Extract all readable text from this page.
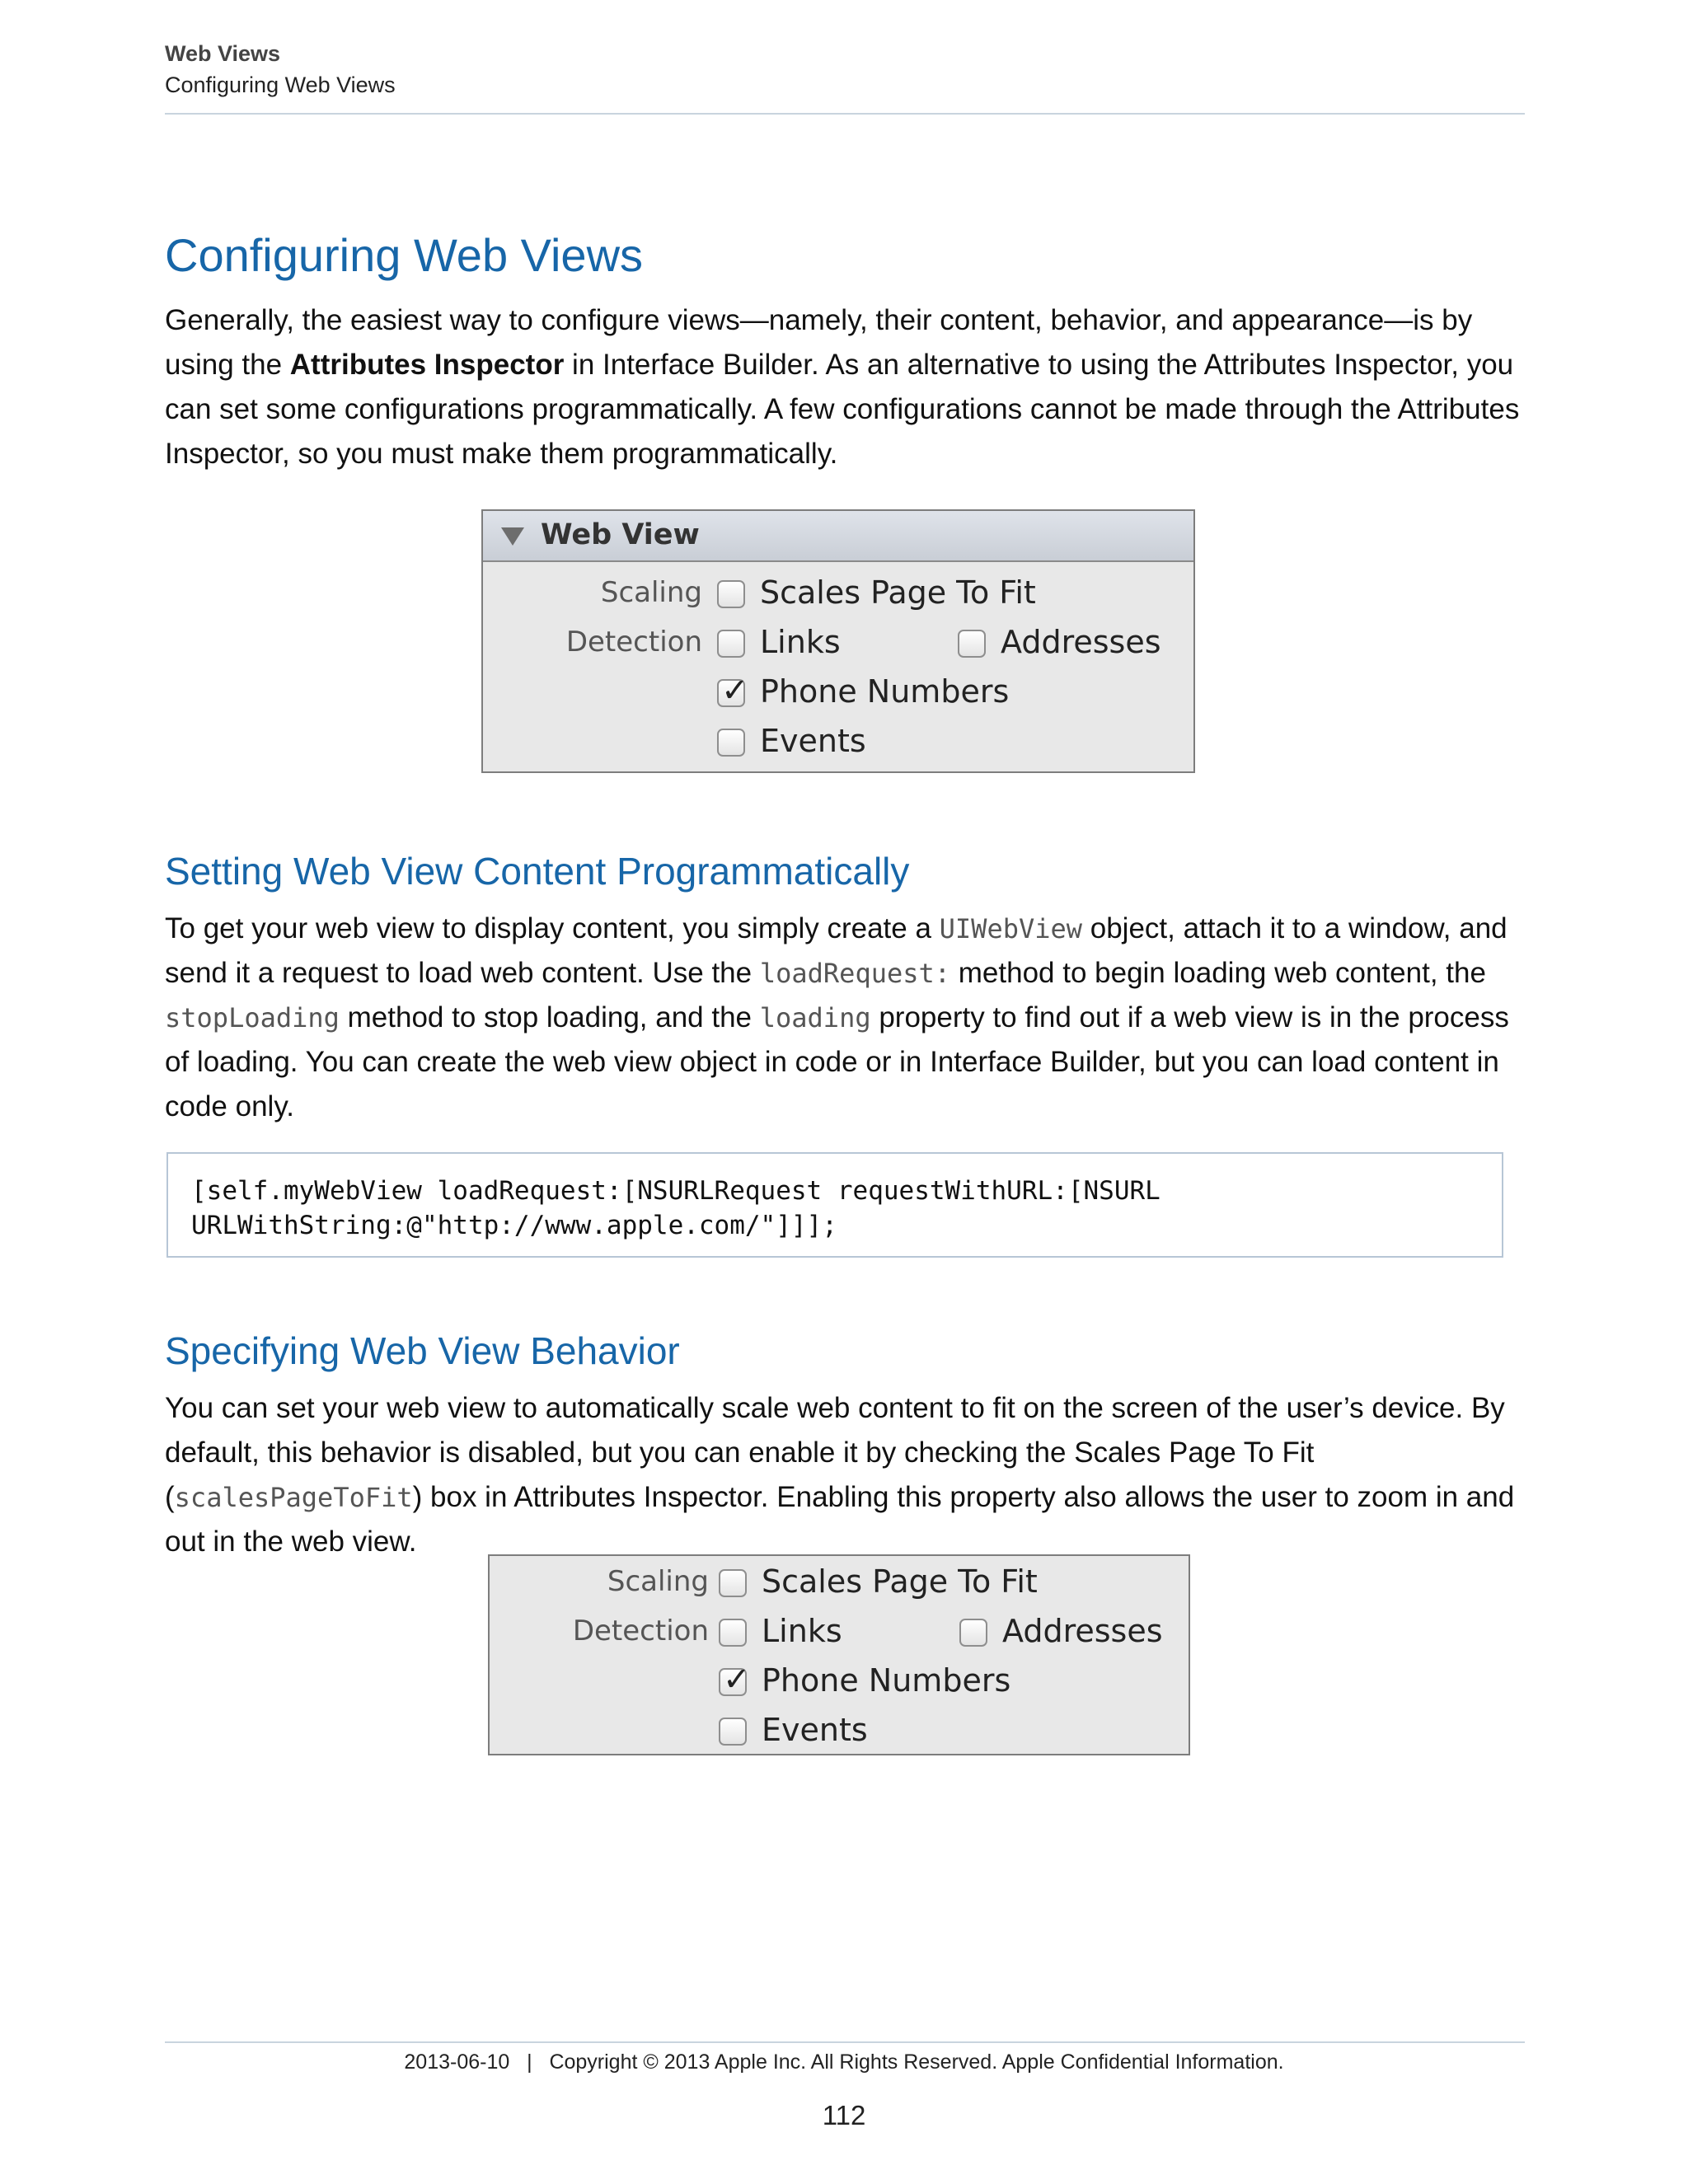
Web Views
Configuring Web Views
Configuring Web Views

Generally, the easiest way to configure views—namely, their content, behavior, and appearance—is by using the Attributes Inspector in Interface Builder. As an alternative to using the Attributes Inspector, you can set some configurations programmatically. A few configurations cannot be made through the Attributes Inspector, so you must make them programmatically.

Web View
Scaling Scales Page To Fit
Detection Links	Addresses
✓ Phone Numbers
Events
Setting Web View Content Programmatically

To get your web view to display content, you simply create a UIWebView object, attach it to a window, and send it a request to load web content. Use the loadRequest: method to begin loading web content, the stopLoading method to stop loading, and the loading property to find out if a web view is in the process of loading. You can create the web view object in code or in Interface Builder, but you can load content in code only.

[self.myWebView loadRequest:[NSURLRequest requestWithURL:[NSURL
URLWithString:@"http://www.apple.com/"]]];
Specifying Web View Behavior

You can set your web view to automatically scale web content to fit on the screen of the user’s device. By default, this behavior is disabled, but you can enable it by checking the Scales Page To Fit (scalesPageToFit) box in Attributes Inspector. Enabling this property also allows the user to zoom in and out in the web view.

Scaling Scales Page To Fit
Detection Links	Addresses
✓ Phone Numbers
Events
2013-06-10   |   Copyright © 2013 Apple Inc. All Rights Reserved. Apple Confidential Information.
112
